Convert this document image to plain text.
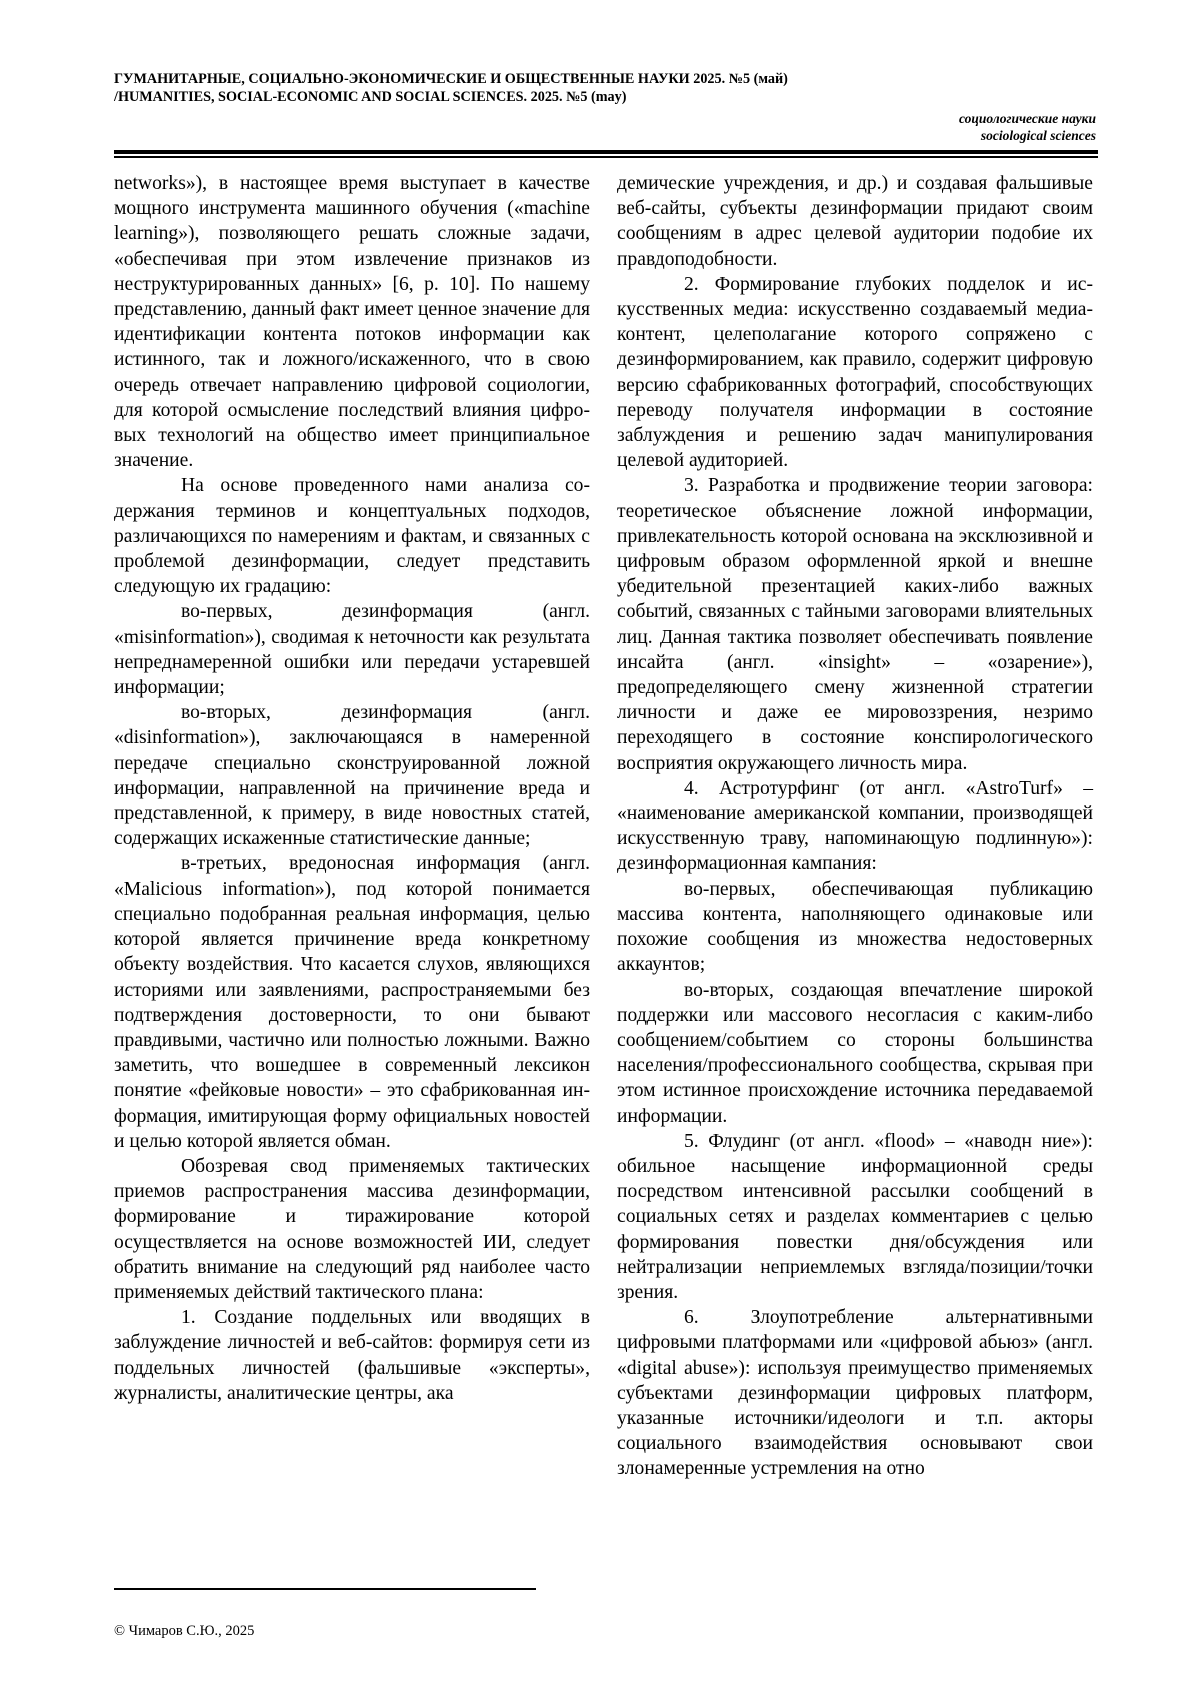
ГУМАНИТАРНЫЕ, СОЦИАЛЬНО-ЭКОНОМИЧЕСКИЕ И ОБЩЕСТВЕННЫЕ НАУКИ 2025. №5 (май)
/HUMANITIES, SOCIAL-ECONOMIC AND SOCIAL SCIENCES. 2025. №5 (may)
социологические науки
sociological sciences

networks»), в настоящее время выступает в качестве мощного инструмента машинного обучения («machine learning»), позволяющего решать сложные задачи, «обеспечивая при этом извлечение признаков из неструктурированных данных» [6, p. 10]. По нашему представлению, данный факт имеет ценное значение для идентификации контента потоков информации как истинного, так и ложного/искаженного, что в свою очередь отвечает направлению цифровой социологии, для которой осмысление последствий влияния цифровых технологий на общество имеет принципиальное значение.

На основе проведенного нами анализа содержания терминов и концептуальных подходов, различающихся по намерениям и фактам, и связанных с проблемой дезинформации, следует представить следующую их градацию:

во-первых, дезинформация (англ. «misinformation»), сводимая к неточности как результата непреднамеренной ошибки или передачи устаревшей информации;

во-вторых, дезинформация (англ. «disinformation»), заключающаяся в намеренной передаче специально сконструированной ложной информации, направленной на причинение вреда и представленной, к примеру, в виде новостных статей, содержащих искаженные статистические данные;

в-третьих, вредоносная информация (англ. «Malicious information»), под которой понимается специально подобранная реальная информация, целью которой является причинение вреда конкретному объекту воздействия. Что касается слухов, являющихся историями или заявлениями, распространяемыми без подтверждения достоверности, то они бывают правдивыми, частично или полностью ложными. Важно заметить, что вошедшее в современный лексикон понятие «фейковые новости» – это сфабрикованная информация, имитирующая форму официальных новостей и целью которой является обман.

Обозревая свод применяемых тактических приемов распространения массива дезинформации, формирование и тиражирование которой осуществляется на основе возможностей ИИ, следует обратить внимание на следующий ряд наиболее часто применяемых действий тактического плана:

1. Создание поддельных или вводящих в заблуждение личностей и веб-сайтов: формируя сети из поддельных личностей (фальшивые «эксперты», журналисты, аналитические центры, ака

демические учреждения, и др.) и создавая фальшивые веб-сайты, субъекты дезинформации придают своим сообщениям в адрес целевой аудитории подобие их правдоподобности.

2. Формирование глубоких подделок и искусственных медиа: искусственно создаваемый медиа-контент, целеполагание которого сопряжено с дезинформированием, как правило, содержит цифровую версию сфабрикованных фотографий, способствующих переводу получателя информации в состояние заблуждения и решению задач манипулирования целевой аудиторией.

3. Разработка и продвижение теории заговора: теоретическое объяснение ложной информации, привлекательность которой основана на эксклюзивной и цифровым образом оформленной яркой и внешне убедительной презентацией каких-либо важных событий, связанных с тайными заговорами влиятельных лиц. Данная тактика позволяет обеспечивать появление инсайта (англ. «insight» – «озарение»), предопределяющего смену жизненной стратегии личности и даже ее мировоззрения, незримо переходящего в состояние конспирологического восприятия окружающего личность мира.

4. Астротурфинг (от англ. «AstroTurf» – «наименование американской компании, производящей искусственную траву, напоминающую подлинную»): дезинформационная кампания:

во-первых, обеспечивающая публикацию массива контента, наполняющего одинаковые или похожие сообщения из множества недостоверных аккаунтов;

во-вторых, создающая впечатление широкой поддержки или массового несогласия с каким-либо сообщением/событием со стороны большинства населения/профессионального сообщества, скрывая при этом истинное происхождение источника передаваемой информации.

5. Флудинг (от англ. «flood» – «наводн ние»): обильное насыщение информационной среды посредством интенсивной рассылки сообщений в социальных сетях и разделах комментариев с целью формирования повестки дня/обсуждения или нейтрализации неприемлемых взгляда/позиции/точки зрения.

6. Злоупотребление альтернативными цифровыми платформами или «цифровой абьюз» (англ. «digital abuse»): используя преимущество применяемых субъектами дезинформации цифровых платформ, указанные источники/идеологи и т.п. акторы социального взаимодействия основывают свои злонамеренные устремления на отно

© Чимаров С.Ю., 2025
